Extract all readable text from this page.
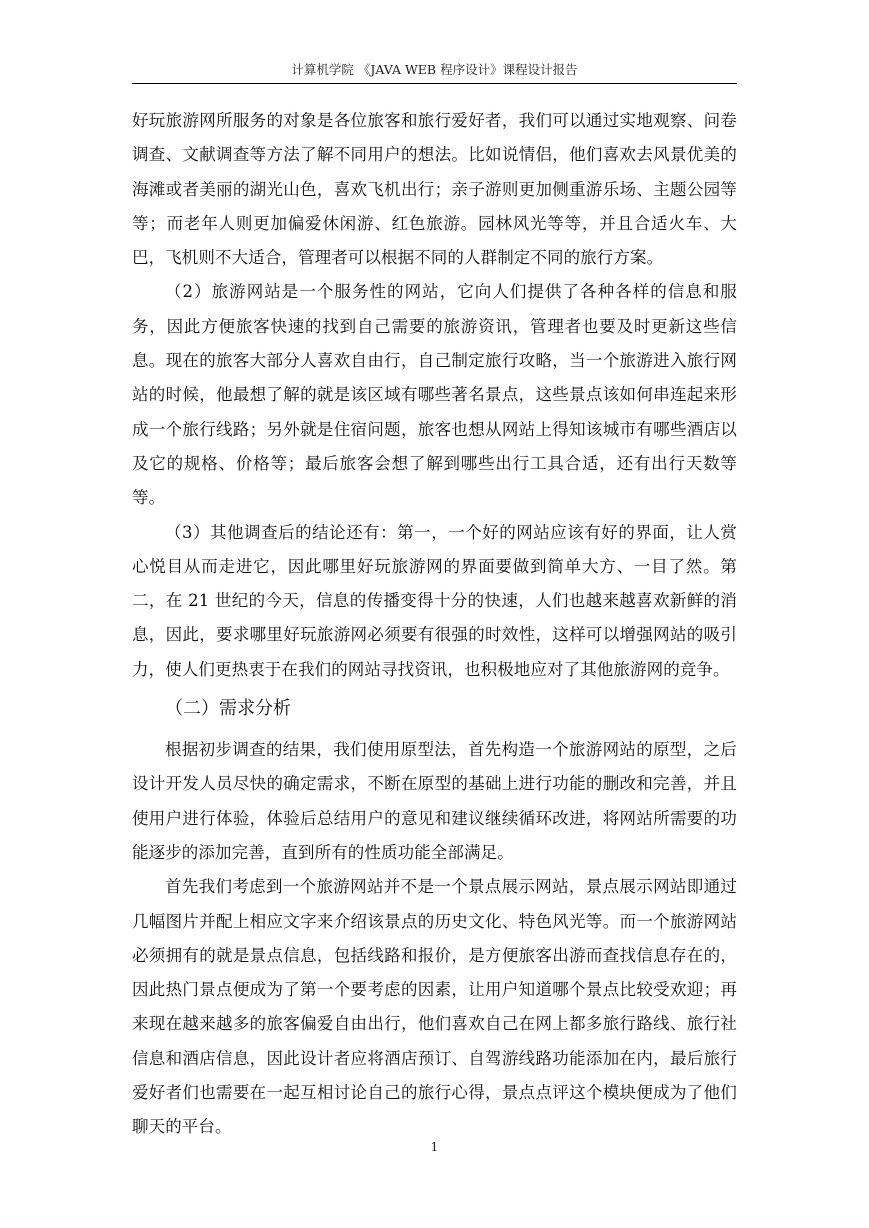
计算机学院 《JAVA WEB 程序设计》课程设计报告

好玩旅游网所服务的对象是各位旅客和旅行爱好者，我们可以通过实地观察、问卷调查、文献调查等方法了解不同用户的想法。比如说情侣，他们喜欢去风景优美的海滩或者美丽的湖光山色，喜欢飞机出行；亲子游则更加侧重游乐场、主题公园等等；而老年人则更加偏爱休闲游、红色旅游。园林风光等等，并且合适火车、大巴，飞机则不大适合，管理者可以根据不同的人群制定不同的旅行方案。

（2）旅游网站是一个服务性的网站，它向人们提供了各种各样的信息和服务，因此方便旅客快速的找到自己需要的旅游资讯，管理者也要及时更新这些信息。现在的旅客大部分人喜欢自由行，自己制定旅行攻略，当一个旅游进入旅行网站的时候，他最想了解的就是该区域有哪些著名景点，这些景点该如何串连起来形成一个旅行线路；另外就是住宿问题，旅客也想从网站上得知该城市有哪些酒店以及它的规格、价格等；最后旅客会想了解到哪些出行工具合适，还有出行天数等等。

（3）其他调查后的结论还有：第一，一个好的网站应该有好的界面，让人赏心悦目从而走进它，因此哪里好玩旅游网的界面要做到简单大方、一目了然。第二，在 21 世纪的今天，信息的传播变得十分的快速，人们也越来越喜欢新鲜的消息，因此，要求哪里好玩旅游网必须要有很强的时效性，这样可以增强网站的吸引力，使人们更热衷于在我们的网站寻找资讯，也积极地应对了其他旅游网的竞争。

（二）需求分析

根据初步调查的结果，我们使用原型法，首先构造一个旅游网站的原型，之后设计开发人员尽快的确定需求，不断在原型的基础上进行功能的删改和完善，并且使用户进行体验，体验后总结用户的意见和建议继续循环改进，将网站所需要的功能逐步的添加完善，直到所有的性质功能全部满足。

首先我们考虑到一个旅游网站并不是一个景点展示网站，景点展示网站即通过几幅图片并配上相应文字来介绍该景点的历史文化、特色风光等。而一个旅游网站必须拥有的就是景点信息，包括线路和报价，是方便旅客出游而查找信息存在的，因此热门景点便成为了第一个要考虑的因素，让用户知道哪个景点比较受欢迎；再来现在越来越多的旅客偏爱自由出行，他们喜欢自己在网上都多旅行路线、旅行社信息和酒店信息，因此设计者应将酒店预订、自驾游线路功能添加在内，最后旅行爱好者们也需要在一起互相讨论自己的旅行心得，景点点评这个模块便成为了他们聊天的平台。

1
